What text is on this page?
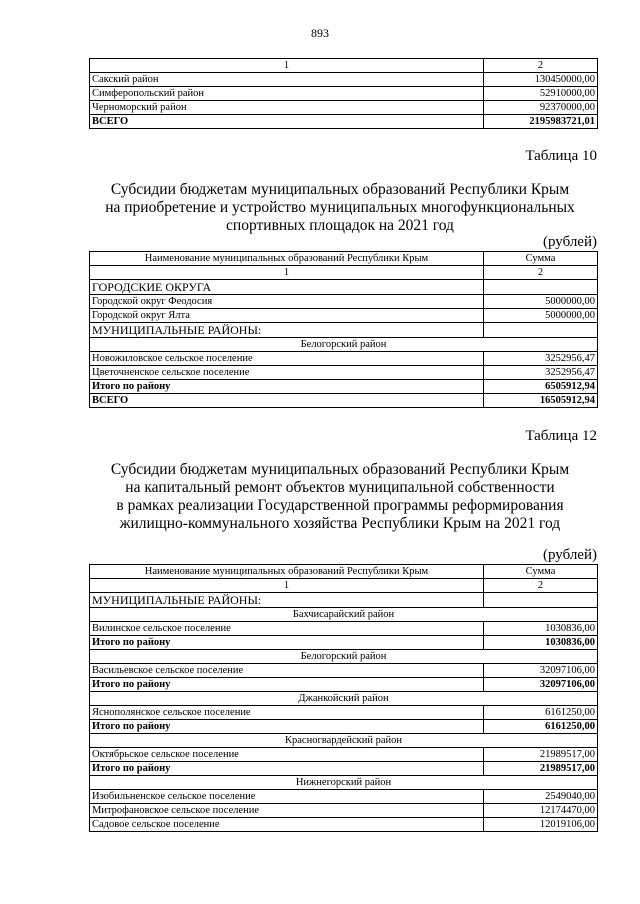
893
1	2
Сакский район	130450000,00
Симферопольский район	52910000,00
Черноморский район	92370000,00
ВСЕГО	2195983721,01
Таблица 10
Субсидии бюджетам муниципальных образований Республики Крым
на приобретение и устройство муниципальных многофункциональных
спортивных площадок на 2021 год
(рублей)
Наименование муниципальных образований Республики Крым	Сумма
1	2
ГОРОДСКИЕ ОКРУГА	
Городской округ Феодосия	5000000,00
Городской округ Ялта	5000000,00
МУНИЦИПАЛЬНЫЕ РАЙОНЫ:	
Белогорский район	
Новожиловское сельское поселение	3252956,47
Цветочненское сельское поселение	3252956,47
Итого по району	6505912,94
ВСЕГО	16505912,94
Таблица 12
Субсидии бюджетам муниципальных образований Республики Крым
на капитальный ремонт объектов муниципальной собственности
в рамках реализации Государственной программы реформирования
жилищно-коммунального хозяйства Республики Крым на 2021 год
(рублей)
Наименование муниципальных образований Республики Крым	Сумма
1	2
МУНИЦИПАЛЬНЫЕ РАЙОНЫ:	
Бахчисарайский район	
Вилинское сельское поселение	1030836,00
Итого по району	1030836,00
Белогорский район	
Васильевское сельское поселение	32097106,00
Итого по району	32097106,00
Джанкойский район	
Яснополянское сельское поселение	6161250,00
Итого по району	6161250,00
Красногвардейский район	
Октябрьское сельское поселение	21989517,00
Итого по району	21989517,00
Нижнегорский район	
Изобильненское сельское поселение	2549040,00
Митрофановское сельское поселение	12174470,00
Садовое сельское поселение	12019106,00
